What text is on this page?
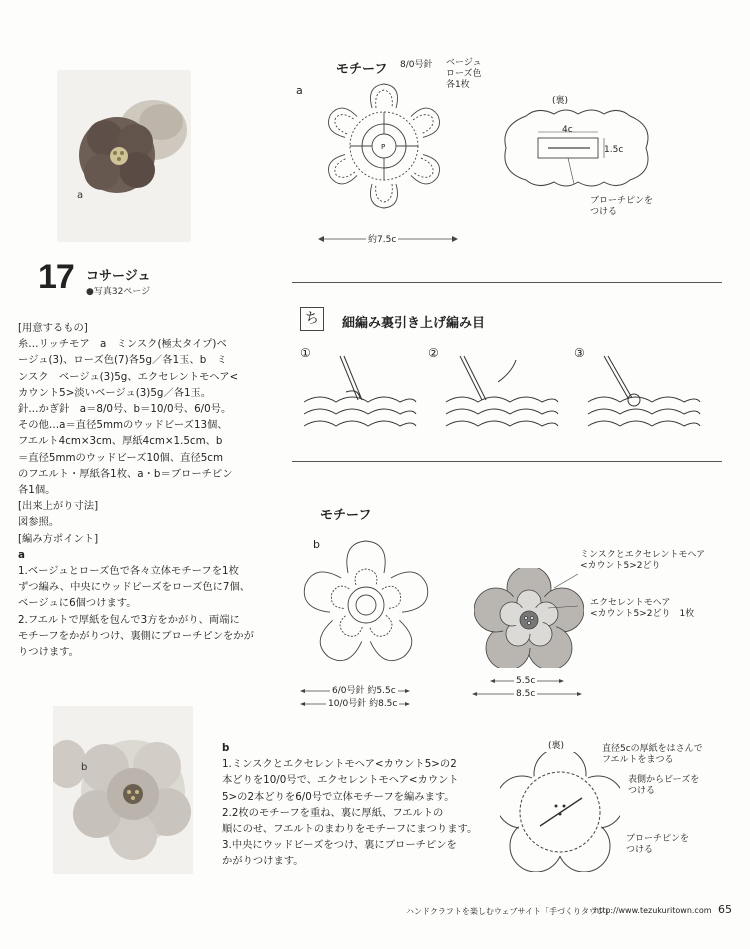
a
17 コサージュ
●写真32ページ
[用意するもの]
糸…リッチモア　a　ミンスク(極太タイプ)ベ
ージュ(3)、ローズ色(7)各5g／各1玉、b　ミ
ンスク　ベージュ(3)5g、エクセレントモヘア<
カウント5>淡いベージュ(3)5g／各1玉。
針…かぎ針　a＝8/0号、b＝10/0号、6/0号。
その他…a＝直径5mmのウッドビーズ13個、
フエルト4cm×3cm、厚紙4cm×1.5cm、b
＝直径5mmのウッドビーズ10個、直径5cm
のフエルト・厚紙各1枚、a・b＝ブローチピン
各1個。
[出来上がり寸法]
図参照。
[編み方ポイント]
a
1.ベージュとローズ色で各々立体モチーフを1枚
ずつ編み、中央にウッドビーズをローズ色に7個、
ベージュに6個つけます。
2.フエルトで厚紙を包んで3方をかがり、両端に
モチーフをかがりつけ、裏側にブローチピンをかが
りつけます。
b
モチーフ 8/0号針 ベージュ
ローズ色
各1枚
a
P
約7.5c
(裏)
4c
1.5c
ブローチピンを
つける
ち	細編み裏引き上げ編み目
①	②	③
モチーフ
b
6/0号針 約5.5c
10/0号針 約8.5c
ミンスクとエクセレントモヘア
<カウント5>2どり
エクセレントモヘア
<カウント5>2どり　1枚
5.5c
8.5c
b
1.ミンスクとエクセレントモヘア<カウント5>の2
本どりを10/0号で、エクセレントモヘア<カウント
5>の2本どりを6/0号で立体モチーフを編みます。
2.2枚のモチーフを重ね、裏に厚紙、フエルトの
順にのせ、フエルトのまわりをモチーフにまつります。
3.中央にウッドビーズをつけ、裏にブローチピンを
かがりつけます。
(裏)	直径5cの厚紙をはさんで
フエルトをまつる
表側からビーズを
つける
ブローチピンを
つける
ハンドクラフトを楽しむウェブサイト「手づくりタウン」
http://www.tezukuritown.com 65
